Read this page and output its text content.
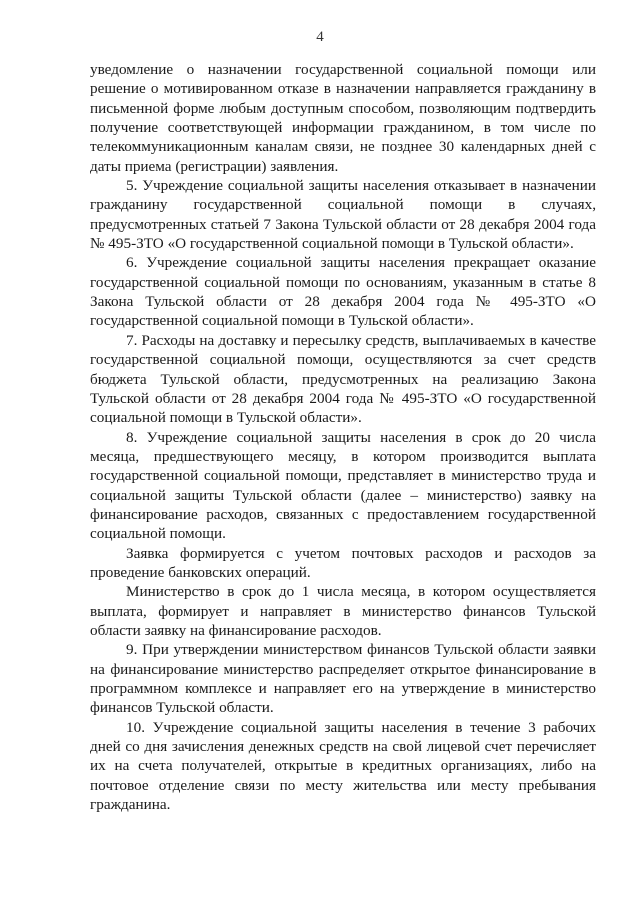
4

уведомление о назначении государственной социальной помощи или решение о мотивированном отказе в назначении направляется гражданину в письменной форме любым доступным способом, позволяющим подтвердить получение соответствующей информации гражданином, в том числе по телекоммуникационным каналам связи, не позднее 30 календарных дней с даты приема (регистрации) заявления.

5. Учреждение социальной защиты населения отказывает в назначении гражданину государственной социальной помощи в случаях, предусмотренных статьей 7 Закона Тульской области от 28 декабря 2004 года № 495-ЗТО «О государственной социальной помощи в Тульской области».

6. Учреждение социальной защиты населения прекращает оказание государственной социальной помощи по основаниям, указанным в статье 8 Закона Тульской области от 28 декабря 2004 года № 495-ЗТО «О государственной социальной помощи в Тульской области».

7. Расходы на доставку и пересылку средств, выплачиваемых в качестве государственной социальной помощи, осуществляются за счет средств бюджета Тульской области, предусмотренных на реализацию Закона Тульской области от 28 декабря 2004 года № 495-ЗТО «О государственной социальной помощи в Тульской области».

8. Учреждение социальной защиты населения в срок до 20 числа месяца, предшествующего месяцу, в котором производится выплата государственной социальной помощи, представляет в министерство труда и социальной защиты Тульской области (далее – министерство) заявку на финансирование расходов, связанных с предоставлением государственной социальной помощи.

Заявка формируется с учетом почтовых расходов и расходов за проведение банковских операций.

Министерство в срок до 1 числа месяца, в котором осуществляется выплата, формирует и направляет в министерство финансов Тульской области заявку на финансирование расходов.

9. При утверждении министерством финансов Тульской области заявки на финансирование министерство распределяет открытое финансирование в программном комплексе и направляет его на утверждение в министерство финансов Тульской области.

10. Учреждение социальной защиты населения в течение 3 рабочих дней со дня зачисления денежных средств на свой лицевой счет перечисляет их на счета получателей, открытые в кредитных организациях, либо на почтовое отделение связи по месту жительства или месту пребывания гражданина.
